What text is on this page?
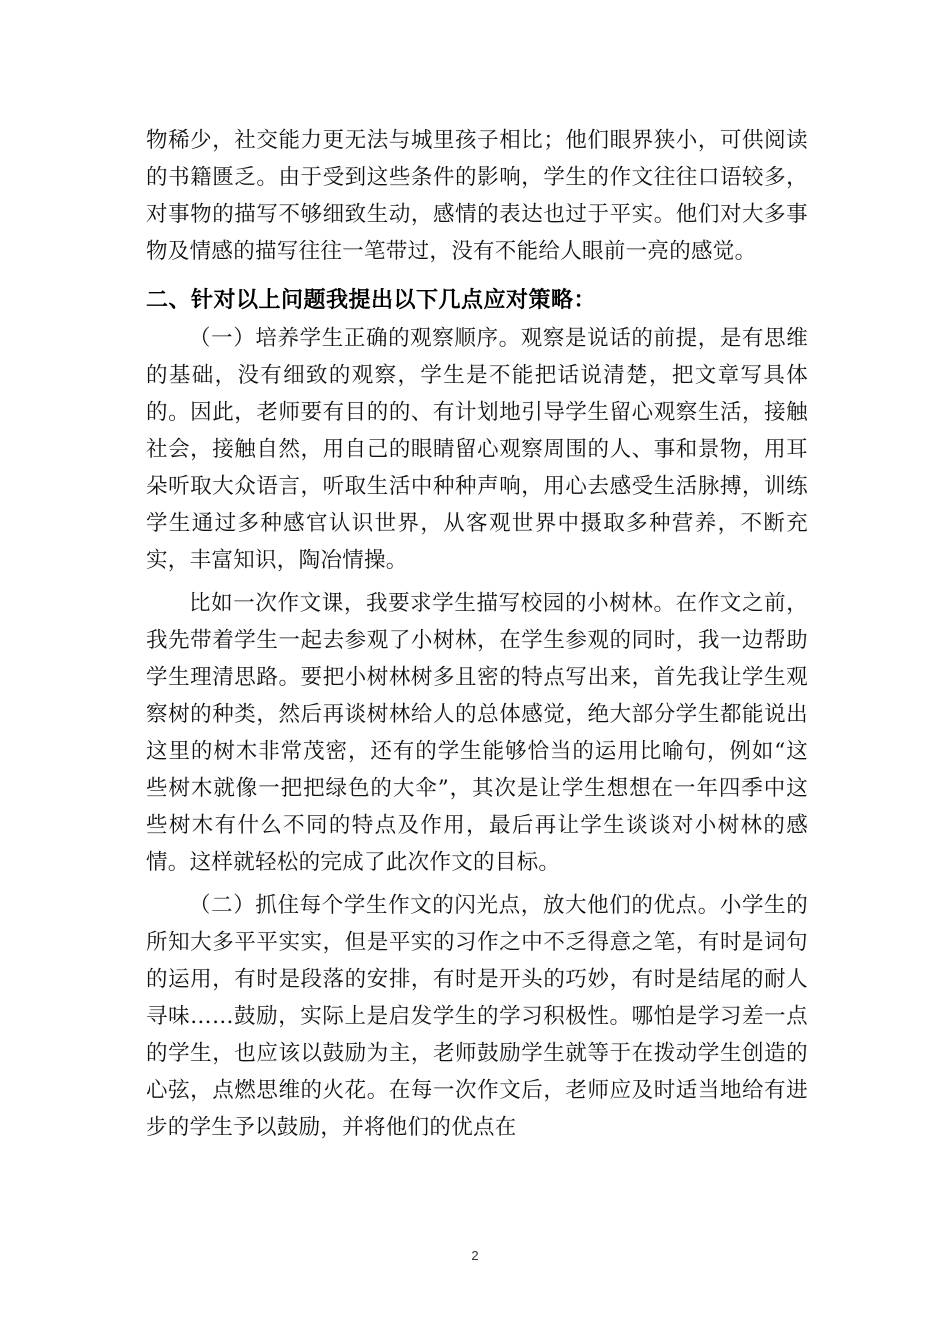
物稀少，社交能力更无法与城里孩子相比；他们眼界狭小，可供阅读的书籍匮乏。由于受到这些条件的影响，学生的作文往往口语较多，对事物的描写不够细致生动，感情的表达也过于平实。他们对大多事物及情感的描写往往一笔带过，没有不能给人眼前一亮的感觉。

二、针对以上问题我提出以下几点应对策略：

（一）培养学生正确的观察顺序。观察是说话的前提，是有思维的基础，没有细致的观察，学生是不能把话说清楚，把文章写具体的。因此，老师要有目的的、有计划地引导学生留心观察生活，接触社会，接触自然，用自己的眼睛留心观察周围的人、事和景物，用耳朵听取大众语言，听取生活中种种声响，用心去感受生活脉搏，训练学生通过多种感官认识世界，从客观世界中摄取多种营养，不断充实，丰富知识，陶冶情操。

比如一次作文课，我要求学生描写校园的小树林。在作文之前，我先带着学生一起去参观了小树林，在学生参观的同时，我一边帮助学生理清思路。要把小树林树多且密的特点写出来，首先我让学生观察树的种类，然后再谈树林给人的总体感觉，绝大部分学生都能说出这里的树木非常茂密，还有的学生能够恰当的运用比喻句，例如“这些树木就像一把把绿色的大伞”，其次是让学生想想在一年四季中这些树木有什么不同的特点及作用，最后再让学生谈谈对小树林的感情。这样就轻松的完成了此次作文的目标。

（二）抓住每个学生作文的闪光点，放大他们的优点。小学生的所知大多平平实实，但是平实的习作之中不乏得意之笔，有时是词句的运用，有时是段落的安排，有时是开头的巧妙，有时是结尾的耐人寻味……鼓励，实际上是启发学生的学习积极性。哪怕是学习差一点的学生，也应该以鼓励为主，老师鼓励学生就等于在拨动学生创造的心弦，点燃思维的火花。在每一次作文后，老师应及时适当地给有进步的学生予以鼓励，并将他们的优点在

2
